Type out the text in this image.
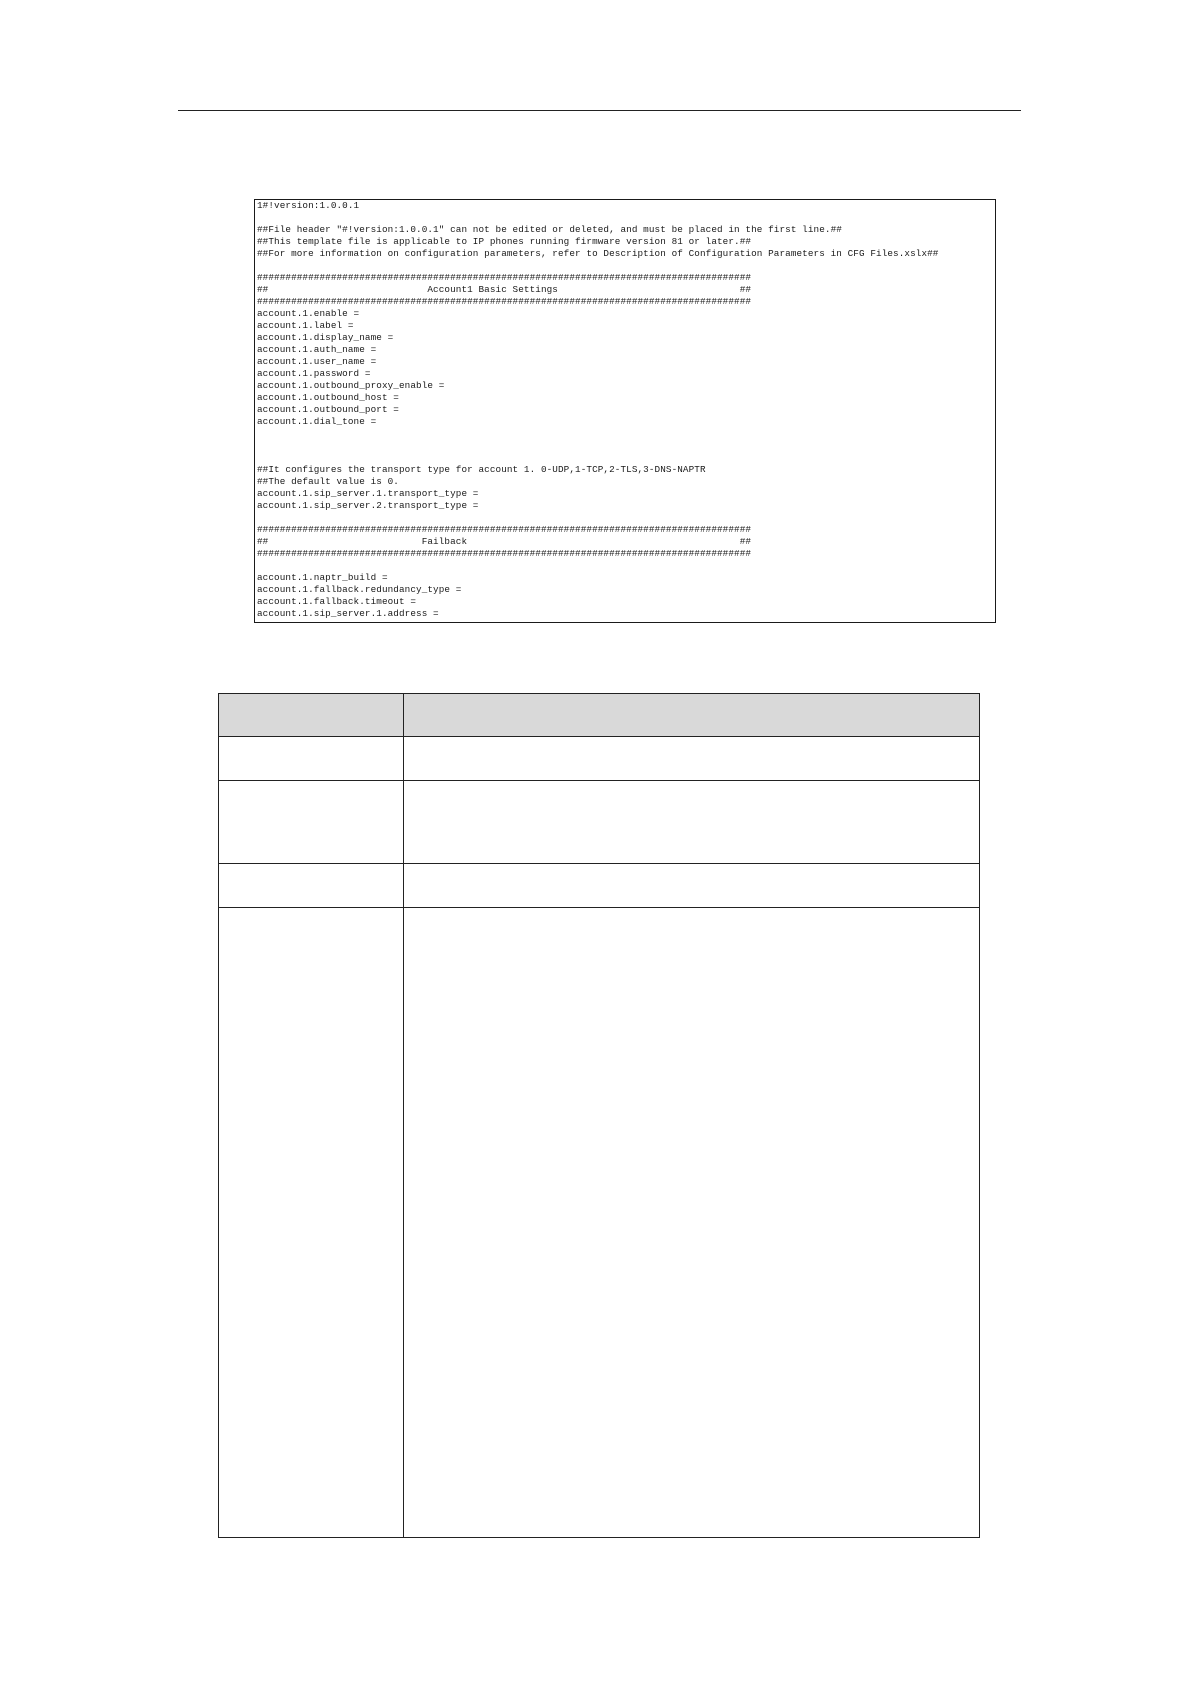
1#!version:1.0.0.1
##File header "#!version:1.0.0.1" can not be edited or deleted, and must be placed in the first line.##
##This template file is applicable to IP phones running firmware version 81 or later.##
##For more information on configuration parameters, refer to Description of Configuration Parameters in CFG Files.xslx##
#######################################################################################
##                            Account1 Basic Settings                                ##
#######################################################################################
account.1.enable =
account.1.label =
account.1.display_name =
account.1.auth_name =
account.1.user_name =
account.1.password =
account.1.outbound_proxy_enable =
account.1.outbound_host =
account.1.outbound_port =
account.1.dial_tone =
##It configures the transport type for account 1. 0-UDP,1-TCP,2-TLS,3-DNS-NAPTR
##The default value is 0.
account.1.sip_server.1.transport_type =
account.1.sip_server.2.transport_type =
#######################################################################################
##                           Failback                                                ##
#######################################################################################
account.1.naptr_build =
account.1.fallback.redundancy_type =
account.1.fallback.timeout =
account.1.sip_server.1.address =
